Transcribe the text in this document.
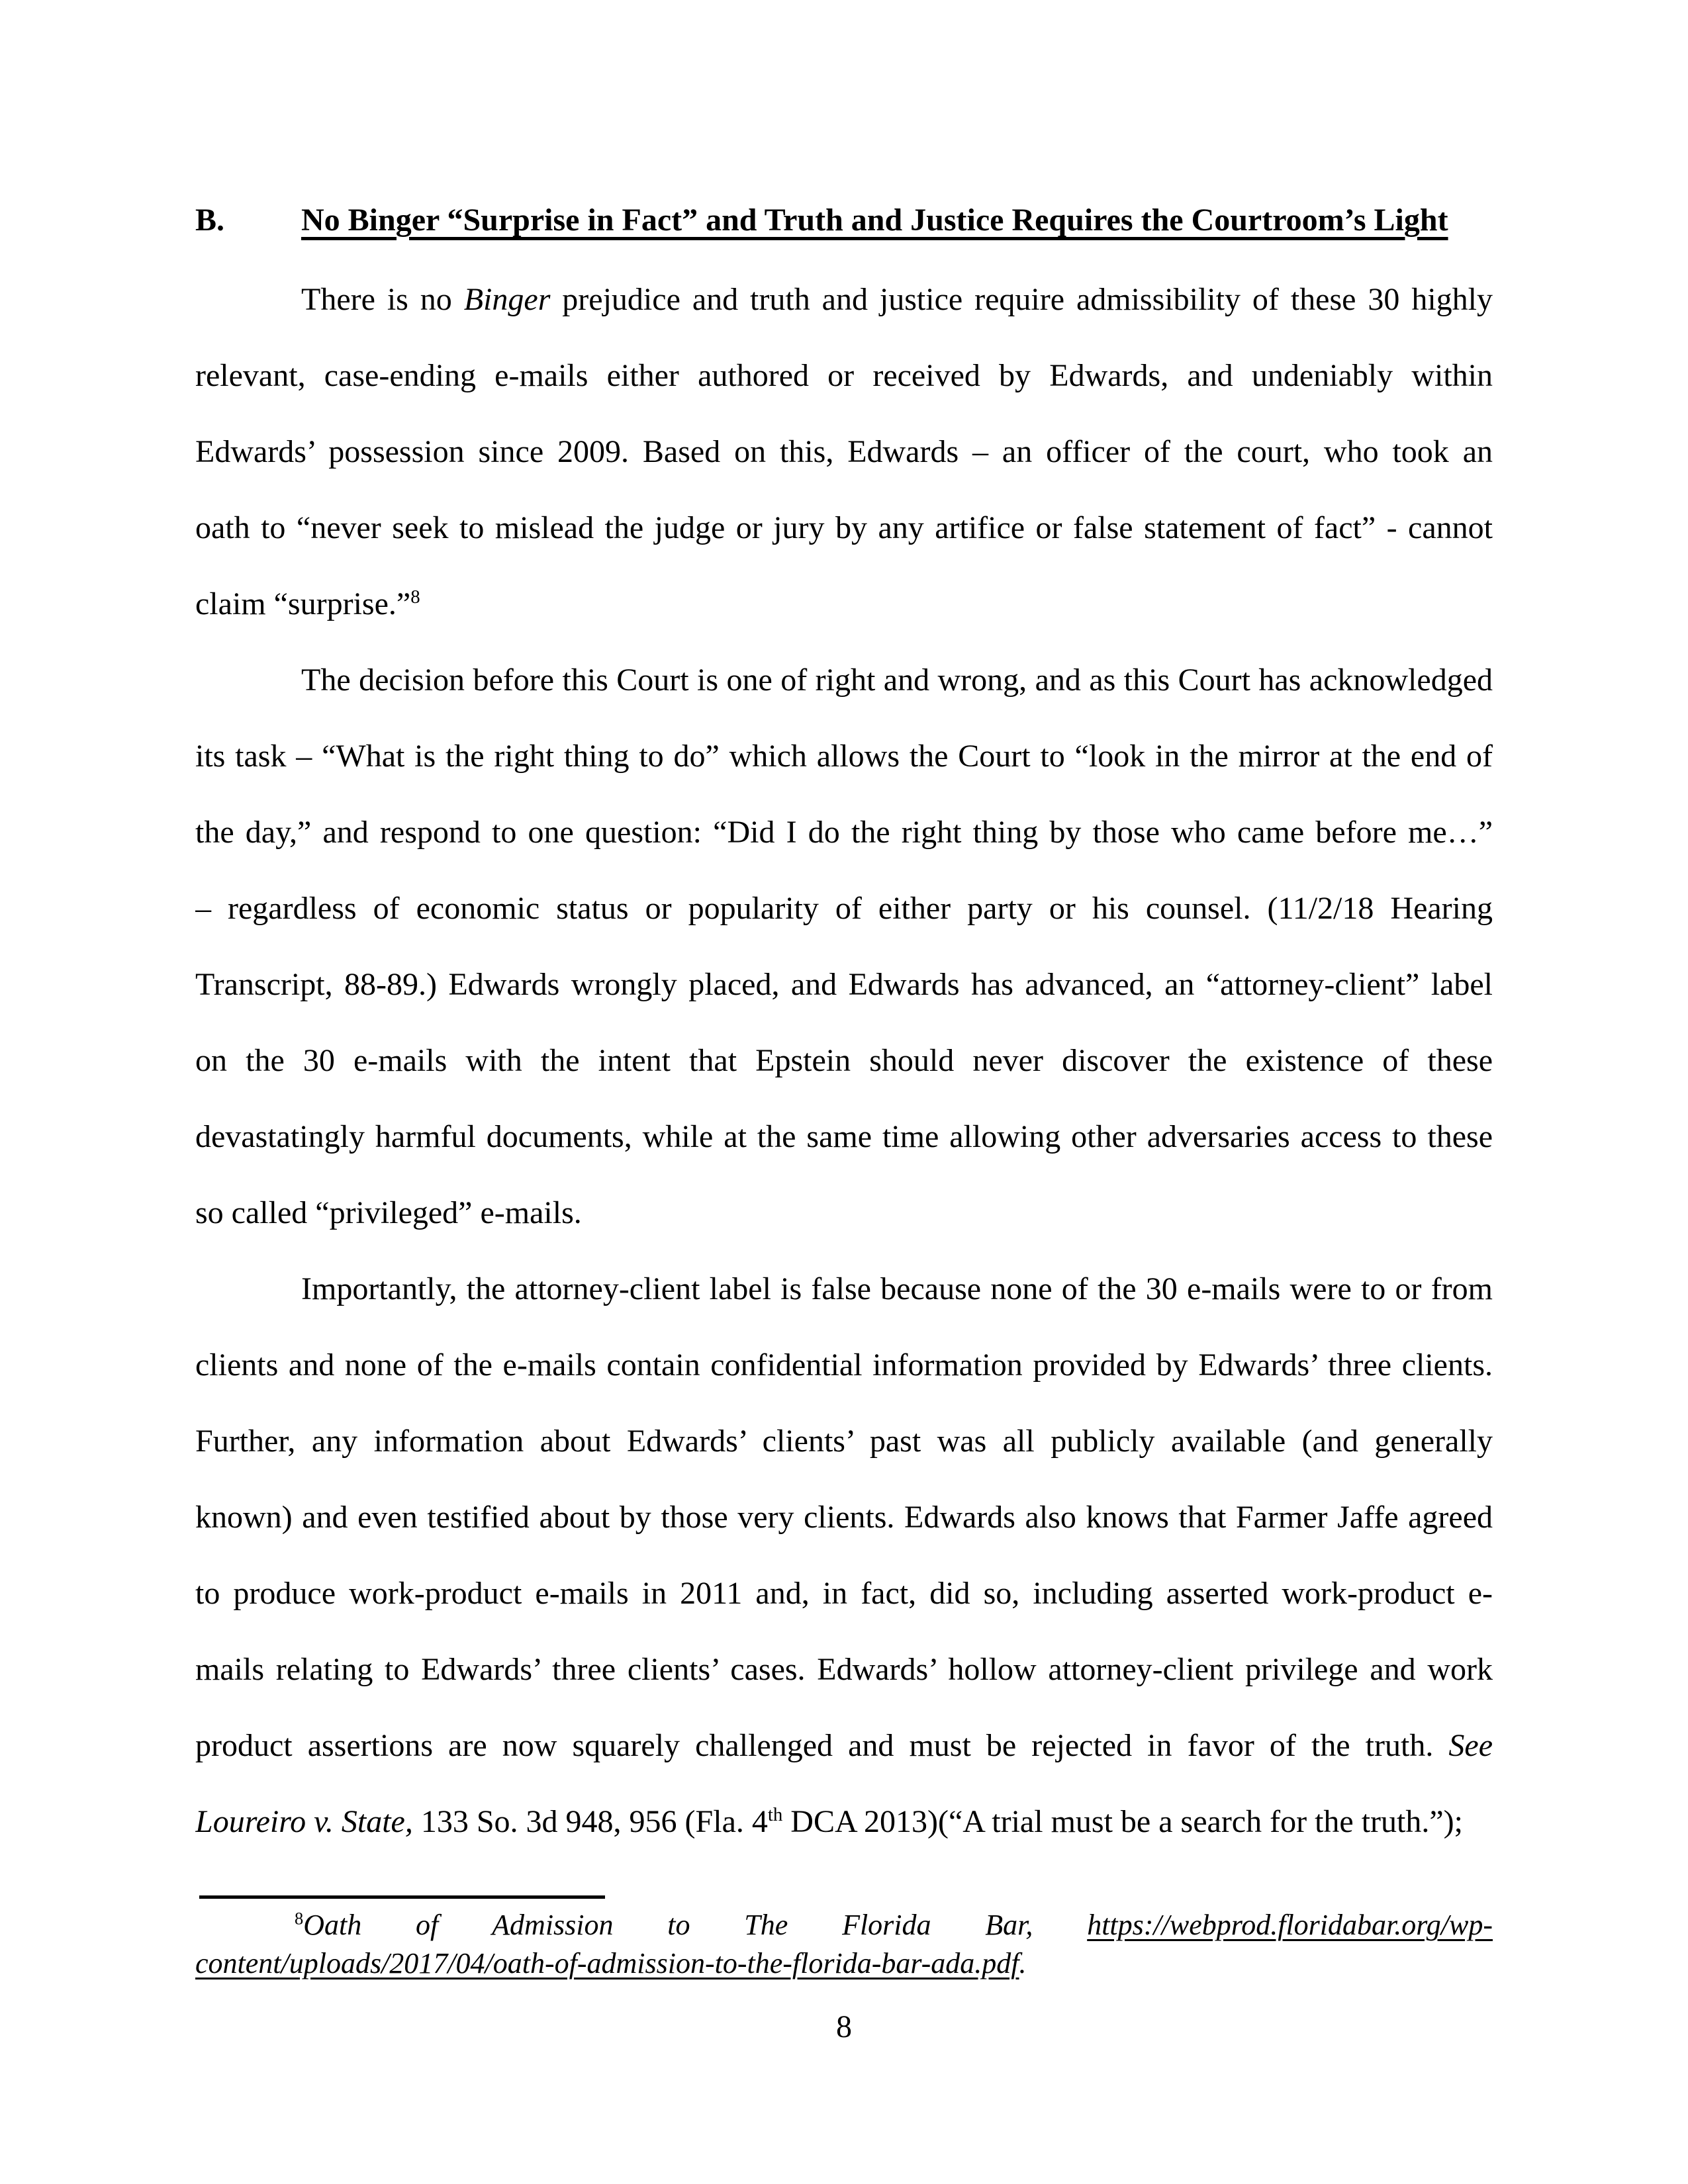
B. No Binger “Surprise in Fact” and Truth and Justice Requires the Courtroom’s Light
There is no Binger prejudice and truth and justice require admissibility of these 30 highly
relevant, case-ending e-mails either authored or received by Edwards, and undeniably within
Edwards’ possession since 2009. Based on this, Edwards – an officer of the court, who took an
oath to “never seek to mislead the judge or jury by any artifice or false statement of fact” - cannot
claim “surprise.”$^8$
The decision before this Court is one of right and wrong, and as this Court has acknowledged
its task – “What is the right thing to do” which allows the Court to “look in the mirror at the end of
the day,” and respond to one question: “Did I do the right thing by those who came before me…”
– regardless of economic status or popularity of either party or his counsel. (11/2/18 Hearing
Transcript, 88-89.) Edwards wrongly placed, and Edwards has advanced, an “attorney-client” label
on the 30 e-mails with the intent that Epstein should never discover the existence of these
devastatingly harmful documents, while at the same time allowing other adversaries access to these
so called “privileged” e-mails.
Importantly, the attorney-client label is false because none of the 30 e-mails were to or from
clients and none of the e-mails contain confidential information provided by Edwards’ three clients.
Further, any information about Edwards’ clients’ past was all publicly available (and generally
known) and even testified about by those very clients. Edwards also knows that Farmer Jaffe agreed
to produce work-product e-mails in 2011 and, in fact, did so, including asserted work-product e-
mails relating to Edwards’ three clients’ cases. Edwards’ hollow attorney-client privilege and work
product assertions are now squarely challenged and must be rejected in favor of the truth. See
Loureiro v. State, 133 So. 3d 948, 956 (Fla. 4th DCA 2013)(“A trial must be a search for the truth.”);
$^8$Oath of Admission to The Florida Bar, https://webprod.floridabar.org/wp-
content/uploads/2017/04/oath-of-admission-to-the-florida-bar-ada.pdf.
8
